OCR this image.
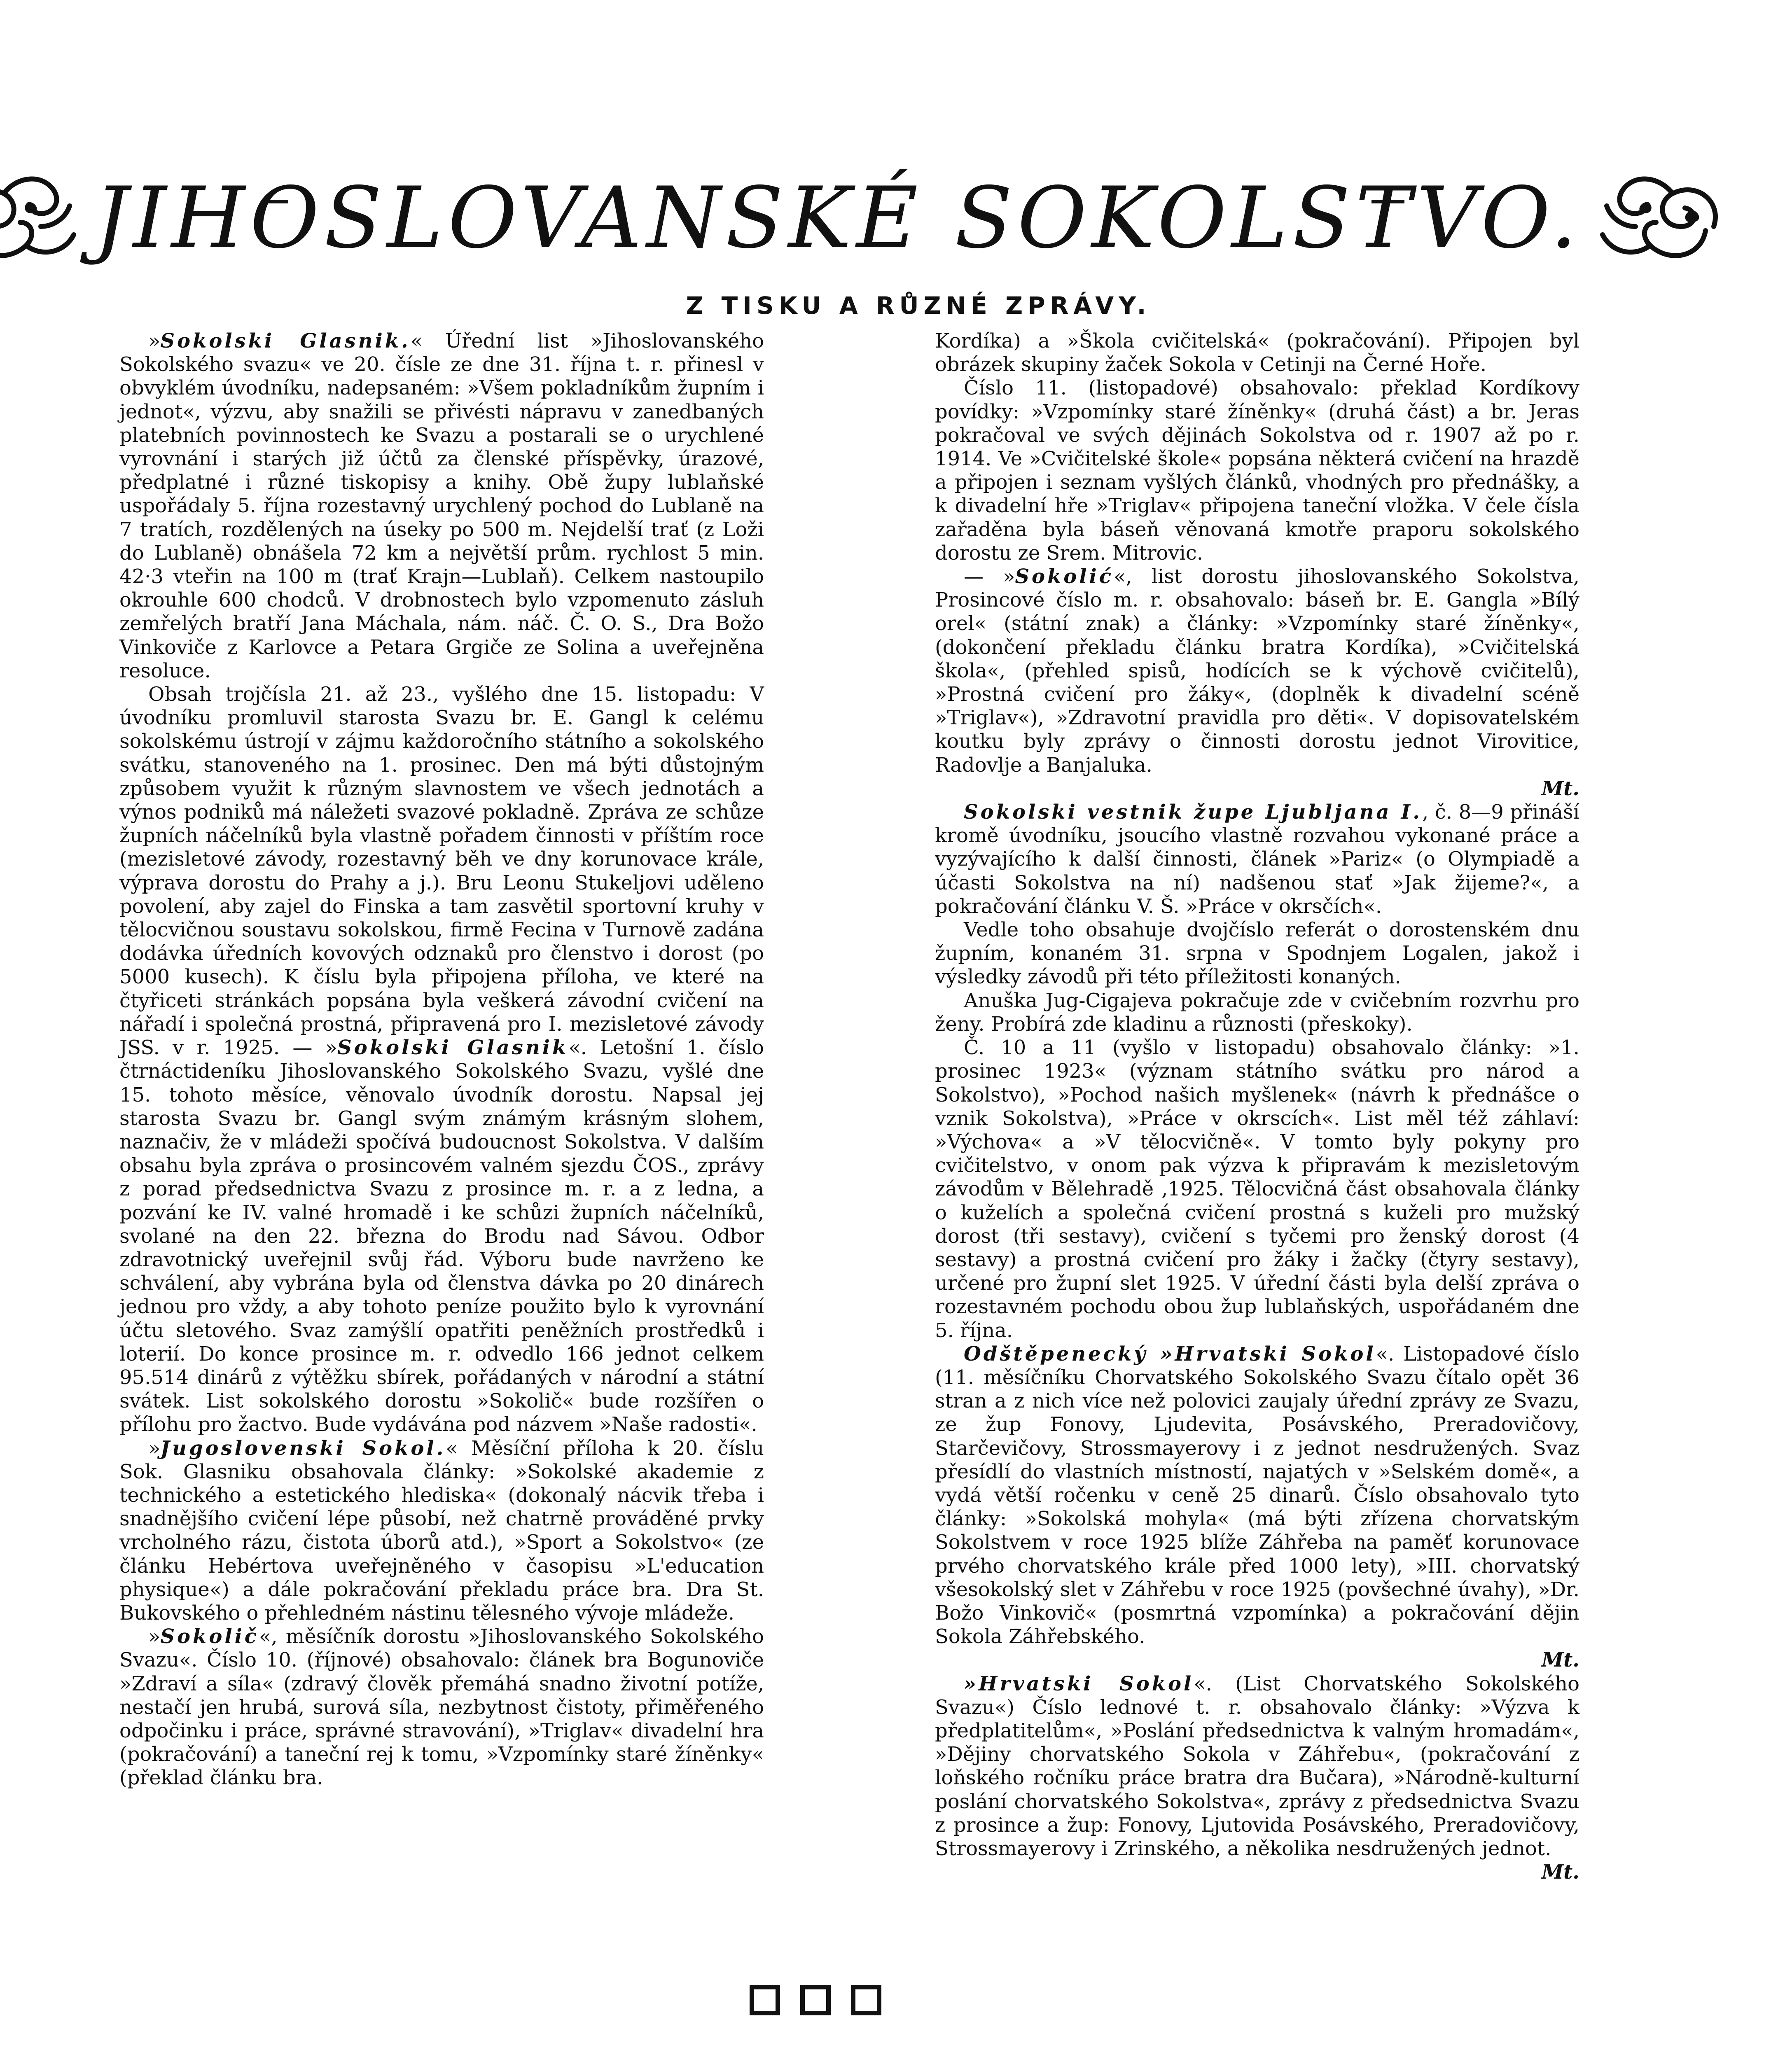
JIHOSLOVANSKÉ SOKOLSTVO.
Z TISKU A RŮZNÉ ZPRÁVY.

»Sokolski Glasnik.« Úřední list »Jihoslovanského Sokolského svazu« ve 20. čísle ze dne 31. října t. r. přinesl v obvyklém úvodníku, nadepsaném: »Všem pokladníkům župním i jednot«, výzvu, aby snažili se přivésti nápravu v zanedbaných platebních povinnostech ke Svazu a postarali se o urychlené vyrovnání i starých již účtů za členské příspěvky, úrazové, předplatné i různé tiskopisy a knihy. Obě župy lublaňské uspořádaly 5. října rozestavný urychlený pochod do Lublaně na 7 tratích, rozdělených na úseky po 500 m. Nejdelší trať (z Loži do Lublaně) obnášela 72 km a největší prům. rychlost 5 min. 42·3 vteřin na 100 m (trať Krajn—Lublaň). Celkem nastoupilo okrouhle 600 chodců. V drobnostech bylo vzpomenuto zásluh zemřelých bratří Jana Máchala, nám. náč. Č. O. S., Dra Božo Vinkoviče z Karlovce a Petara Grgiče ze Solina a uveřejněna resoluce.

Obsah trojčísla 21. až 23., vyšlého dne 15. listopadu: V úvodníku promluvil starosta Svazu br. E. Gangl k celému sokolskému ústrojí v zájmu každoročního státního a sokolského svátku, stanoveného na 1. prosinec. Den má býti důstojným způsobem využit k různým slavnostem ve všech jednotách a výnos podniků má náležeti svazové pokladně. Zpráva ze schůze župních náčelníků byla vlastně pořadem činnosti v příštím roce (mezisletové závody, rozestavný běh ve dny korunovace krále, výprava dorostu do Prahy a j.). Bru Leonu Stukeljovi uděleno povolení, aby zajel do Finska a tam zasvětil sportovní kruhy v tělocvičnou soustavu sokolskou, firmě Fecina v Turnově zadána dodávka úředních kovových odznaků pro členstvo i dorost (po 5000 kusech). K číslu byla připojena příloha, ve které na čtyřiceti stránkách popsána byla veškerá závodní cvičení na nářadí i společná prostná, připravená pro I. mezisletové závody JSS. v r. 1925. — »Sokolski Glasnik«. Letošní 1. číslo čtrnáctideníku Jihoslovanského Sokolského Svazu, vyšlé dne 15. tohoto měsíce, věnovalo úvodník dorostu. Napsal jej starosta Svazu br. Gangl svým známým krásným slohem, naznačiv, že v mládeži spočívá budoucnost Sokolstva. V dalším obsahu byla zpráva o prosincovém valném sjezdu ČOS., zprávy z porad předsednictva Svazu z prosince m. r. a z ledna, a pozvání ke IV. valné hromadě i ke schůzi župních náčelníků, svolané na den 22. března do Brodu nad Sávou. Odbor zdravotnický uveřejnil svůj řád. Výboru bude navrženo ke schválení, aby vybrána byla od členstva dávka po 20 dinárech jednou pro vždy, a aby tohoto peníze použito bylo k vyrovnání účtu sletového. Svaz zamýšlí opatřiti peněžních prostředků i loterií. Do konce prosince m. r. odvedlo 166 jednot celkem 95.514 dinárů z výtěžku sbírek, pořádaných v národní a státní svátek. List sokolského dorostu »Sokolič« bude rozšířen o přílohu pro žactvo. Bude vydávána pod názvem »Naše radosti«.

»Jugoslovenski Sokol.« Měsíční příloha k 20. číslu Sok. Glasniku obsahovala články: »Sokolské akademie z technického a estetického hlediska« (dokonalý nácvik třeba i snadnějšího cvičení lépe působí, než chatrně prováděné prvky vrcholného rázu, čistota úborů atd.), »Sport a Sokolstvo« (ze článku Hebértova uveřejněného v časopisu »L'education physique«) a dále pokračování překladu práce bra. Dra St. Bukovského o přehledném nástinu tělesného vývoje mládeže.

»Sokolič«, měsíčník dorostu »Jihoslovanského Sokolského Svazu«. Číslo 10. (říjnové) obsahovalo: článek bra Bogunoviče »Zdraví a síla« (zdravý člověk přemáhá snadno životní potíže, nestačí jen hrubá, surová síla, nezbytnost čistoty, přiměřeného odpočinku i práce, správné stravování), »Triglav« divadelní hra (pokračování) a taneční rej k tomu, »Vzpomínky staré žíněnky« (překlad článku bra.

Kordíka) a »Škola cvičitelská« (pokračování). Připojen byl obrázek skupiny žaček Sokola v Cetinji na Černé Hoře.

Číslo 11. (listopadové) obsahovalo: překlad Kordíkovy povídky: »Vzpomínky staré žíněnky« (druhá část) a br. Jeras pokračoval ve svých dějinách Sokolstva od r. 1907 až po r. 1914. Ve »Cvičitelské škole« popsána některá cvičení na hrazdě a připojen i seznam vyšlých článků, vhodných pro přednášky, a k divadelní hře »Triglav« připojena taneční vložka. V čele čísla zařaděna byla báseň věnovaná kmotře praporu sokolského dorostu ze Srem. Mitrovic.

— »Sokolić«, list dorostu jihoslovanského Sokolstva, Prosincové číslo m. r. obsahovalo: báseň br. E. Gangla »Bílý orel« (státní znak) a články: »Vzpomínky staré žíněnky«, (dokončení překladu článku bratra Kordíka), »Cvičitelská škola«, (přehled spisů, hodících se k výchově cvičitelů), »Prostná cvičení pro žáky«, (doplněk k divadelní scéně »Triglav«), »Zdravotní pravidla pro děti«. V dopisovatelském koutku byly zprávy o činnosti dorostu jednot Virovitice, Radovlje a Banjaluka.
Mt.

Sokolski vestnik župe Ljubljana I., č. 8—9 přináší kromě úvodníku, jsoucího vlastně rozvahou vykonané práce a vyzývajícího k další činnosti, článek »Pariz« (o Olympiadě a účasti Sokolstva na ní) nadšenou stať »Jak žijeme?«, a pokračování článku V. Š. »Práce v okrsčích«.

Vedle toho obsahuje dvojčíslo referát o dorostenském dnu župním, konaném 31. srpna v Spodnjem Logalen, jakož i výsledky závodů při této příležitosti konaných.

Anuška Jug-Cigajeva pokračuje zde v cvičebním rozvrhu pro ženy. Probírá zde kladinu a různosti (přeskoky).

Č. 10 a 11 (vyšlo v listopadu) obsahovalo články: »1. prosinec 1923« (význam státního svátku pro národ a Sokolstvo), »Pochod našich myšlenek« (návrh k přednášce o vznik Sokolstva), »Práce v okrscích«. List měl též záhlaví: »Výchova« a »V tělocvičně«. V tomto byly pokyny pro cvičitelstvo, v onom pak výzva k připravám k mezisletovým závodům v Bělehradě ,1925. Tělocvičná část obsahovala články o kuželích a společná cvičení prostná s kuželi pro mužský dorost (tři sestavy), cvičení s tyčemi pro ženský dorost (4 sestavy) a prostná cvičení pro žáky i žačky (čtyry sestavy), určené pro župní slet 1925. V úřední části byla delší zpráva o rozestavném pochodu obou žup lublaňských, uspořádaném dne 5. října.

Odštěpenecký »Hrvatski Sokol«. Listopadové číslo (11. měsíčníku Chorvatského Sokolského Svazu čítalo opět 36 stran a z nich více než polovici zaujaly úřední zprávy ze Svazu, ze žup Fonovy, Ljudevita, Posávského, Preradovičovy, Starčevičovy, Strossmayerovy i z jednot nesdružených. Svaz přesídlí do vlastních místností, najatých v »Selském domě«, a vydá větší ročenku v ceně 25 dinarů. Číslo obsahovalo tyto články: »Sokolská mohyla« (má býti zřízena chorvatským Sokolstvem v roce 1925 blíže Záhřeba na paměť korunovace prvého chorvatského krále před 1000 lety), »III. chorvatský všesokolský slet v Záhřebu v roce 1925 (povšechné úvahy), »Dr. Božo Vinkovič« (posmrtná vzpomínka) a pokračování dějin Sokola Záhřebského.
Mt.

»Hrvatski Sokol«. (List Chorvatského Sokolského Svazu«) Číslo lednové t. r. obsahovalo články: »Výzva k předplatitelům«, »Poslání předsednictva k valným hromadám«, »Dějiny chorvatského Sokola v Záhřebu«, (pokračování z loňského ročníku práce bratra dra Bučara), »Národně-kulturní poslání chorvatského Sokolstva«, zprávy z předsednictva Svazu z prosince a žup: Fonovy, Ljutovida Posávského, Preradovičovy, Strossmayerovy i Zrinského, a několika nesdružených jednot.
Mt.
